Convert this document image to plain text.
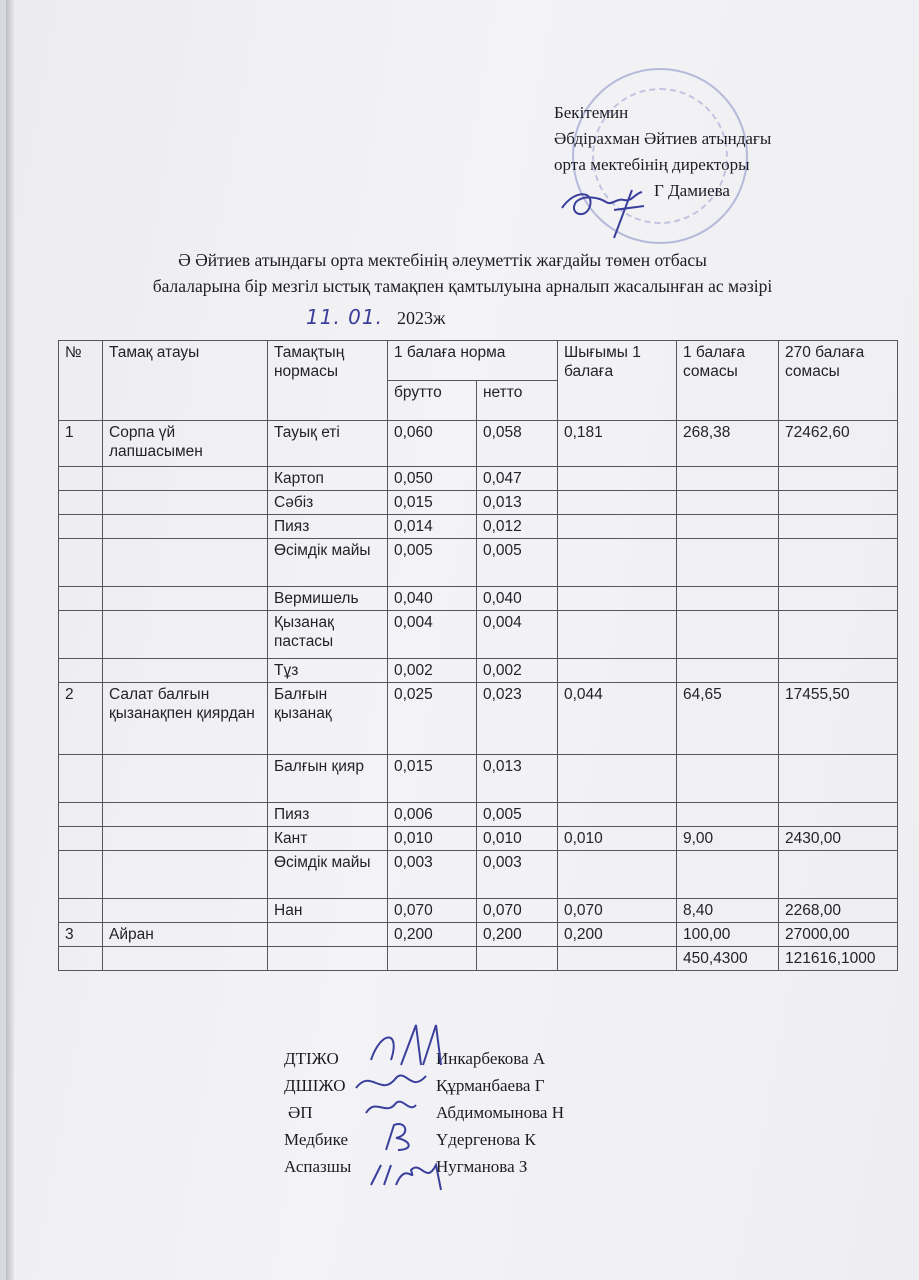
Бекітемин
Әбдірахман Әйтиев атындағы
орта мектебінің директоры
Г Дамиева
Ә Әйтиев атындағы орта мектебінің әлеуметтік жағдайы төмен отбасы
балаларына бір мезгіл ыстық тамақпен қамтылуына арналып жасалынған ас мәзірі
11. 01. 2023ж
№	Тамақ атауы	Тамақтың нормасы	1 балаға норма		Шығымы 1 балаға	1 балаға сомасы	270 балаға сомасы
			брутто	нетто			
1	Сорпа үй лапшасымен	Тауық еті	0,060	0,058	0,181	268,38	72462,60
		Картоп	0,050	0,047			
		Сәбіз	0,015	0,013			
		Пияз	0,014	0,012			
		Өсімдік майы	0,005	0,005			
		Вермишель	0,040	0,040			
		Қызанақ пастасы	0,004	0,004			
		Тұз	0,002	0,002			
2	Салат балғын қызанақпен қиярдан	Балғын қызанақ	0,025	0,023	0,044	64,65	17455,50
		Балғын қияр	0,015	0,013			
		Пияз	0,006	0,005			
		Кант	0,010	0,010	0,010	9,00	2430,00
		Өсімдік майы	0,003	0,003			
		Нан	0,070	0,070	0,070	8,40	2268,00
3	Айран		0,200	0,200	0,200	100,00	27000,00
						450,4300	121616,1000
ДТІЖО	Инкарбекова А
ДШІЖО	Құрманбаева Г
ӘП	Абдимомынова Н
Медбике	Үдергенова К
Аспазшы	Нугманова З
